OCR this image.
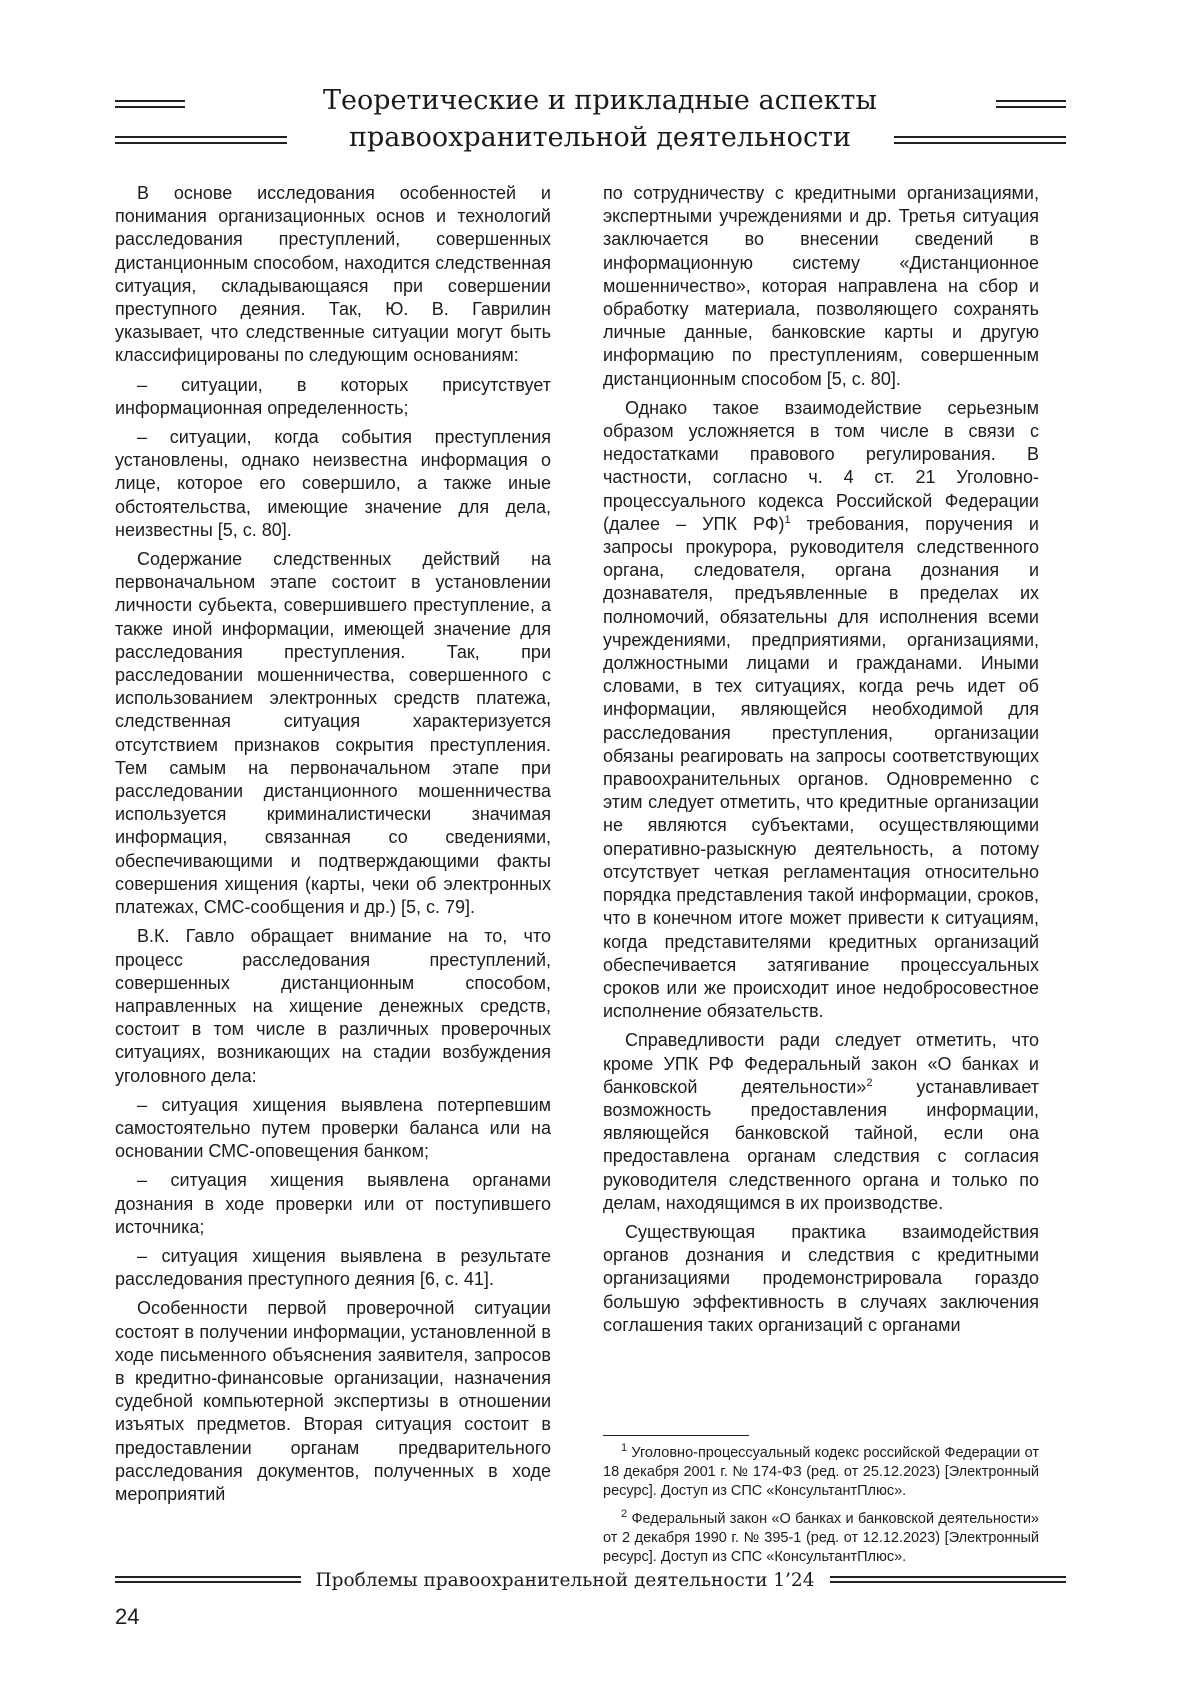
Теоретические и прикладные аспекты
правоохранительной деятельности

В основе исследования особенностей и понимания организационных основ и технологий расследования преступлений, совершенных дистанционным способом, находится следственная ситуация, складывающаяся при совершении преступного деяния. Так, Ю. В. Гаврилин указывает, что следственные ситуации могут быть классифицированы по следующим основаниям:

– ситуации, в которых присутствует информационная определенность;

– ситуации, когда события преступления установлены, однако неизвестна информация о лице, которое его совершило, а также иные обстоятельства, имеющие значение для дела, неизвестны [5, с. 80].

Содержание следственных действий на первоначальном этапе состоит в установлении личности субьекта, совершившего преступление, а также иной информации, имеющей значение для расследования преступления. Так, при расследовании мошенничества, совершенного с использованием электронных средств платежа, следственная ситуация характеризуется отсутствием признаков сокрытия преступления. Тем самым на первоначальном этапе при расследовании дистанционного мошенничества используется криминалистически значимая информация, связанная со сведениями, обеспечивающими и подтверждающими факты совершения хищения (карты, чеки об электронных платежах, СМС-сообщения и др.) [5, с. 79].

В.К. Гавло обращает внимание на то, что процесс расследования преступлений, совершенных дистанционным способом, направленных на хищение денежных средств, состоит в том числе в различных проверочных ситуациях, возникающих на стадии возбуждения уголовного дела:

– ситуация хищения выявлена потерпевшим самостоятельно путем проверки баланса или на основании СМС-оповещения банком;

– ситуация хищения выявлена органами дознания в ходе проверки или от поступившего источника;

– ситуация хищения выявлена в результате расследования преступного деяния [6, с. 41].

Особенности первой проверочной ситуации состоят в получении информации, установленной в ходе письменного объяснения заявителя, запросов в кредитно-финансовые организации, назначения судебной компьютерной экспертизы в отношении изъятых предметов. Вторая ситуация состоит в предоставлении органам предварительного расследования документов, полученных в ходе мероприятий

по сотрудничеству с кредитными организациями, экспертными учреждениями и др. Третья ситуация заключается во внесении сведений в информационную систему «Дистанционное мошенничество», которая направлена на сбор и обработку материала, позволяющего сохранять личные данные, банковские карты и другую информацию по преступлениям, совершенным дистанционным способом [5, с. 80].

Однако такое взаимодействие серьезным образом усложняется в том числе в связи с недостатками правового регулирования. В частности, согласно ч. 4 ст. 21 Уголовно-процессуального кодекса Российской Федерации (далее – УПК РФ)$^1$ требования, поручения и запросы прокурора, руководителя следственного органа, следователя, органа дознания и дознавателя, предъявленные в пределах их полномочий, обязательны для исполнения всеми учреждениями, предприятиями, организациями, должностными лицами и гражданами. Иными словами, в тех ситуациях, когда речь идет об информации, являющейся необходимой для расследования преступления, организации обязаны реагировать на запросы соответствующих правоохранительных органов. Одновременно с этим следует отметить, что кредитные организации не являются субъектами, осуществляющими оперативно-разыскную деятельность, а потому отсутствует четкая регламентация относительно порядка представления такой информации, сроков, что в конечном итоге может привести к ситуациям, когда представителями кредитных организаций обеспечивается затягивание процессуальных сроков или же происходит иное недобросовестное исполнение обязательств.

Справедливости ради следует отметить, что кроме УПК РФ Федеральный закон «О банках и банковской деятельности»$^2$ устанавливает возможность предоставления информации, являющейся банковской тайной, если она предоставлена органам следствия с согласия руководителя следственного органа и только по делам, находящимся в их производстве.

Существующая практика взаимодействия органов дознания и следствия с кредитными организациями продемонстрировала гораздо большую эффективность в случаях заключения соглашения таких организаций с органами

$^1$ Уголовно-процессуальный кодекс российской Федерации от 18 декабря 2001 г. № 174-ФЗ (ред. от 25.12.2023) [Электронный ресурс]. Доступ из СПС «КонсультантПлюс».

$^2$ Федеральный закон «О банках и банковской деятельности» от 2 декабря 1990 г. № 395-1 (ред. от 12.12.2023) [Электронный ресурс]. Доступ из СПС «КонсультантПлюс».

Проблемы правоохранительной деятельности 1’24
24
